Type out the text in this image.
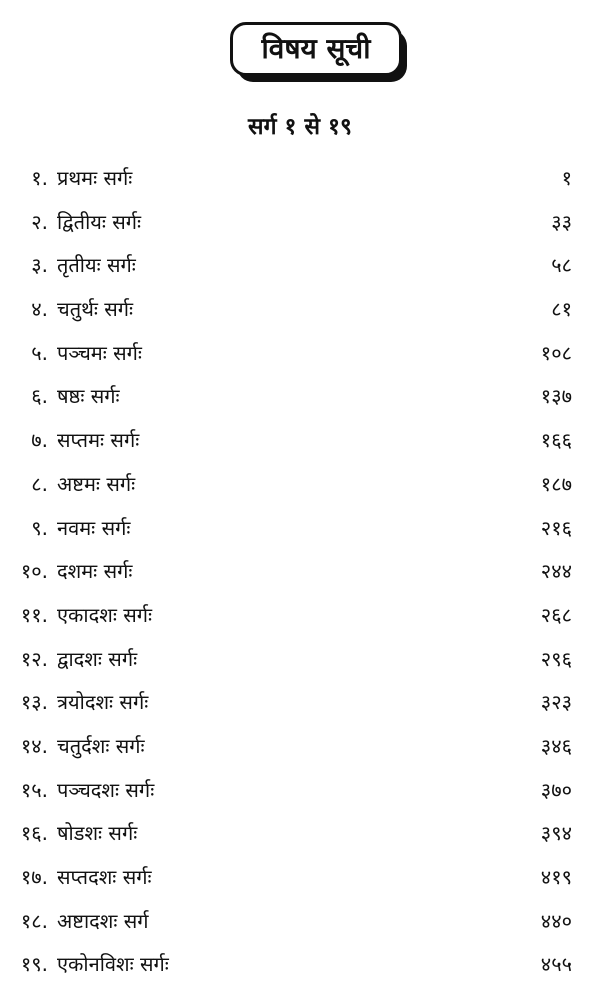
विषय सूची
सर्ग १ से १९
१. प्रथमः सर्गः	१
२. द्वितीयः सर्गः	३३
३. तृतीयः सर्गः	५८
४. चतुर्थः सर्गः	८१
५. पञ्चमः सर्गः	१०८
६. षष्ठः सर्गः	१३७
७. सप्तमः सर्गः	१६६
८. अष्टमः सर्गः	१८७
९. नवमः सर्गः	२१६
१०. दशमः सर्गः	२४४
११. एकादशः सर्गः	२६८
१२. द्वादशः सर्गः	२९६
१३. त्रयोदशः सर्गः	३२३
१४. चतुर्दशः सर्गः	३४६
१५. पञ्चदशः सर्गः	३७०
१६. षोडशः सर्गः	३९४
१७. सप्तदशः सर्गः	४१९
१८. अष्टादशः सर्ग	४४०
१९. एकोनविशः सर्गः	४५५
